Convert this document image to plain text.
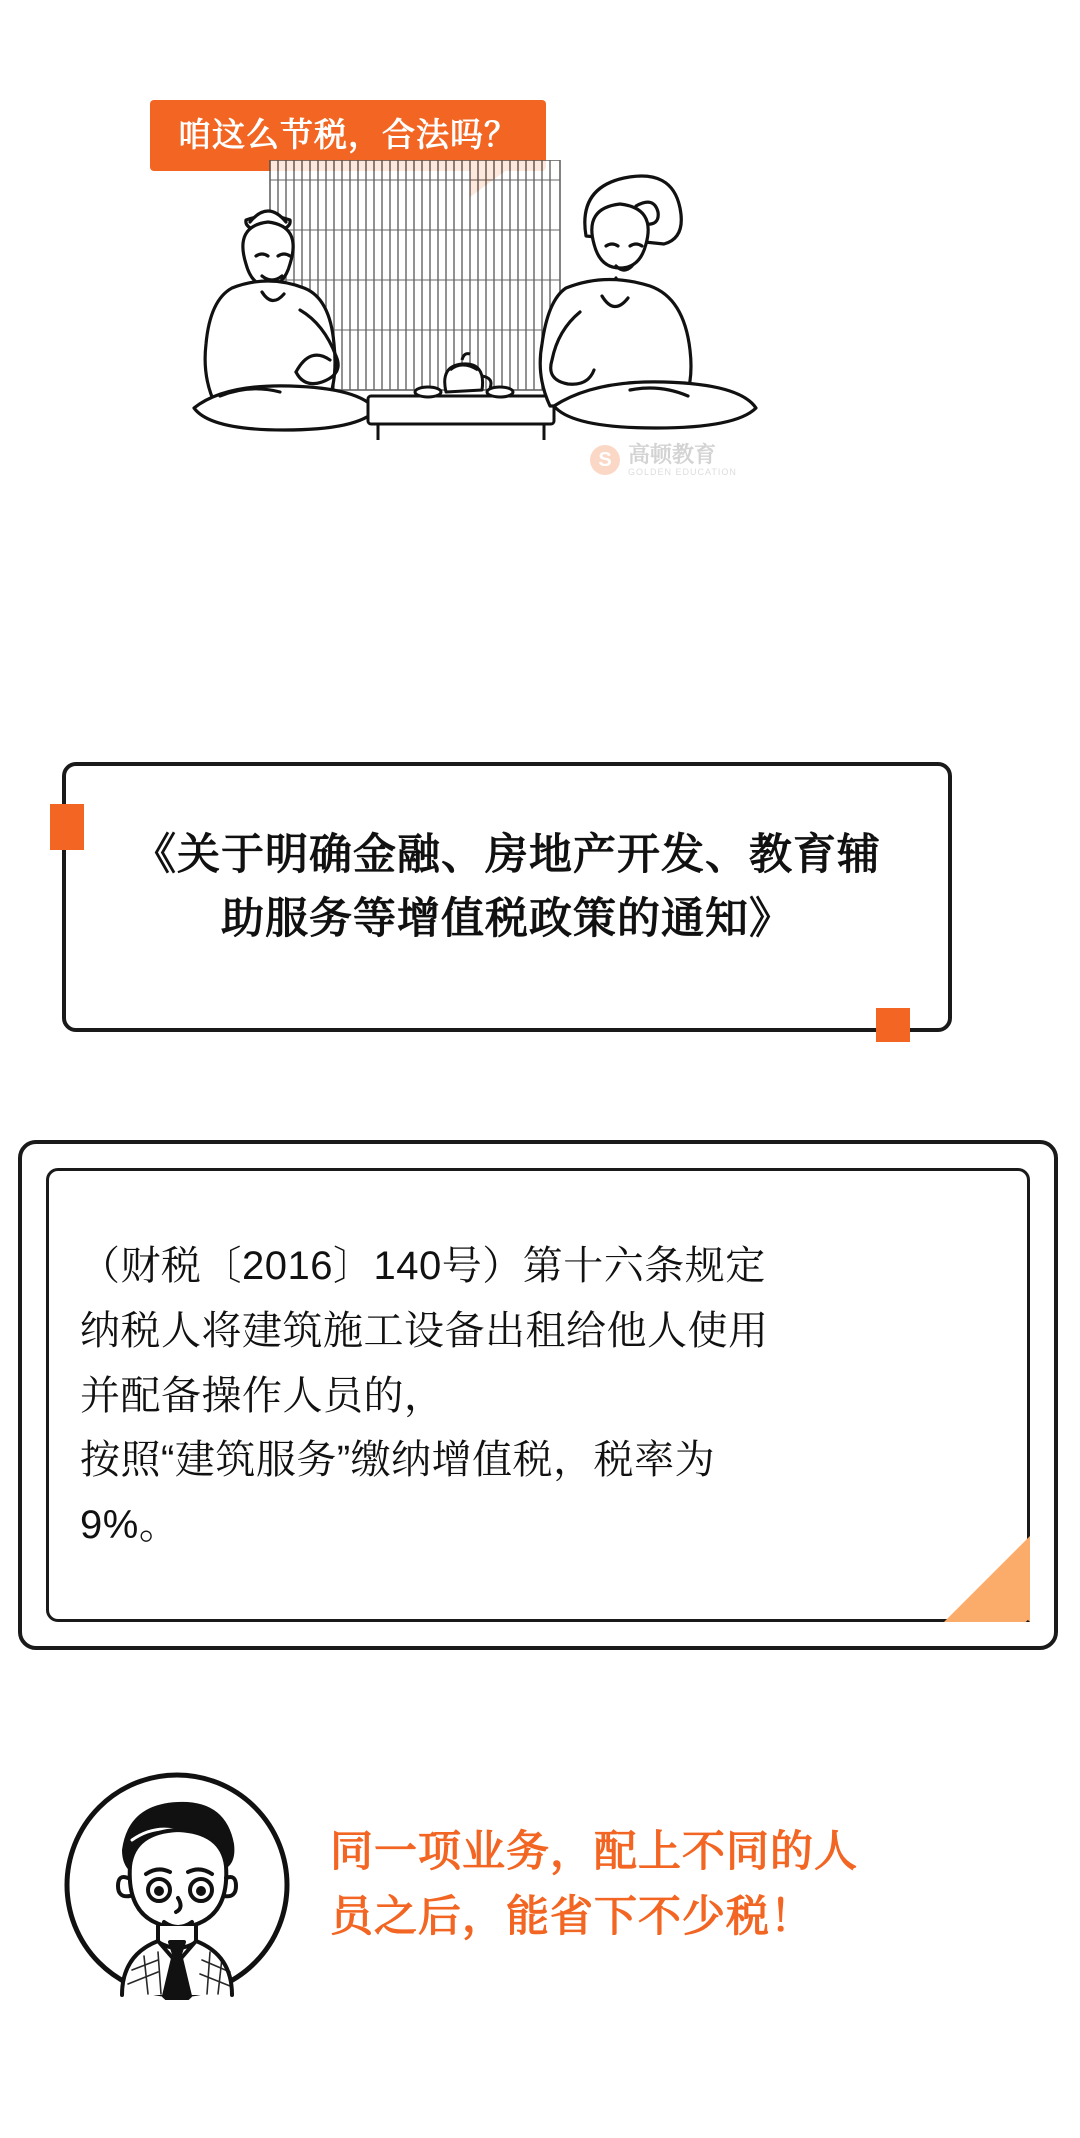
咱这么节税，合法吗？
S 高顿教育
GOLDEN EDUCATION
《关于明确金融、房地产开发、教育辅
助服务等增值税政策的通知》

（财税〔2016〕140号）第十六条规定

纳税人将建筑施工设备出租给他人使用

并配备操作人员的，

按照“建筑服务”缴纳增值税，税率为

9%。

同一项业务，配上不同的人

员之后，能省下不少税！
